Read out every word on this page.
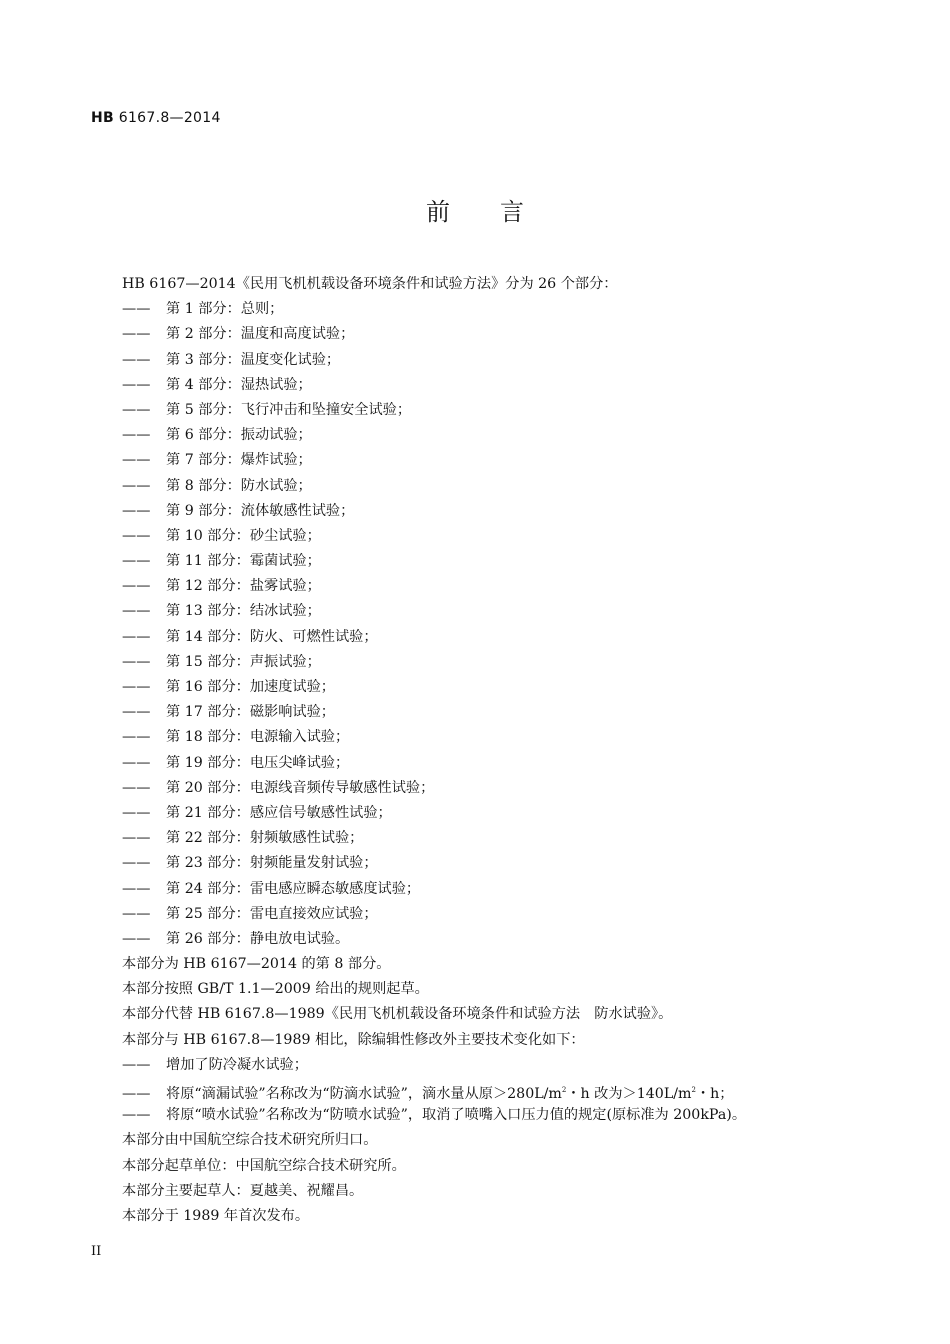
HB 6167.8—2014
前言
HB 6167—2014《民用飞机机载设备环境条件和试验方法》分为 26 个部分：
—— 第 1 部分：总则；
—— 第 2 部分：温度和高度试验；
—— 第 3 部分：温度变化试验；
—— 第 4 部分：湿热试验；
—— 第 5 部分：飞行冲击和坠撞安全试验；
—— 第 6 部分：振动试验；
—— 第 7 部分：爆炸试验；
—— 第 8 部分：防水试验；
—— 第 9 部分：流体敏感性试验；
—— 第 10 部分：砂尘试验；
—— 第 11 部分：霉菌试验；
—— 第 12 部分：盐雾试验；
—— 第 13 部分：结冰试验；
—— 第 14 部分：防火、可燃性试验；
—— 第 15 部分：声振试验；
—— 第 16 部分：加速度试验；
—— 第 17 部分：磁影响试验；
—— 第 18 部分：电源输入试验；
—— 第 19 部分：电压尖峰试验；
—— 第 20 部分：电源线音频传导敏感性试验；
—— 第 21 部分：感应信号敏感性试验；
—— 第 22 部分：射频敏感性试验；
—— 第 23 部分：射频能量发射试验；
—— 第 24 部分：雷电感应瞬态敏感度试验；
—— 第 25 部分：雷电直接效应试验；
—— 第 26 部分：静电放电试验。
本部分为 HB 6167—2014 的第 8 部分。
本部分按照 GB/T 1.1—2009 给出的规则起草。
本部分代替 HB 6167.8—1989《民用飞机机载设备环境条件和试验方法　防水试验》。
本部分与 HB 6167.8—1989 相比，除编辑性修改外主要技术变化如下：
—— 增加了防冷凝水试验；
—— 将原“滴漏试验”名称改为“防滴水试验”，滴水量从原$>280L/m^2$・h 改为$>140L/m^2$・h；
—— 将原“喷水试验”名称改为“防喷水试验”，取消了喷嘴入口压力值的规定(原标准为 200kPa)。
本部分由中国航空综合技术研究所归口。
本部分起草单位：中国航空综合技术研究所。
本部分主要起草人：夏越美、祝耀昌。
本部分于 1989 年首次发布。
II
